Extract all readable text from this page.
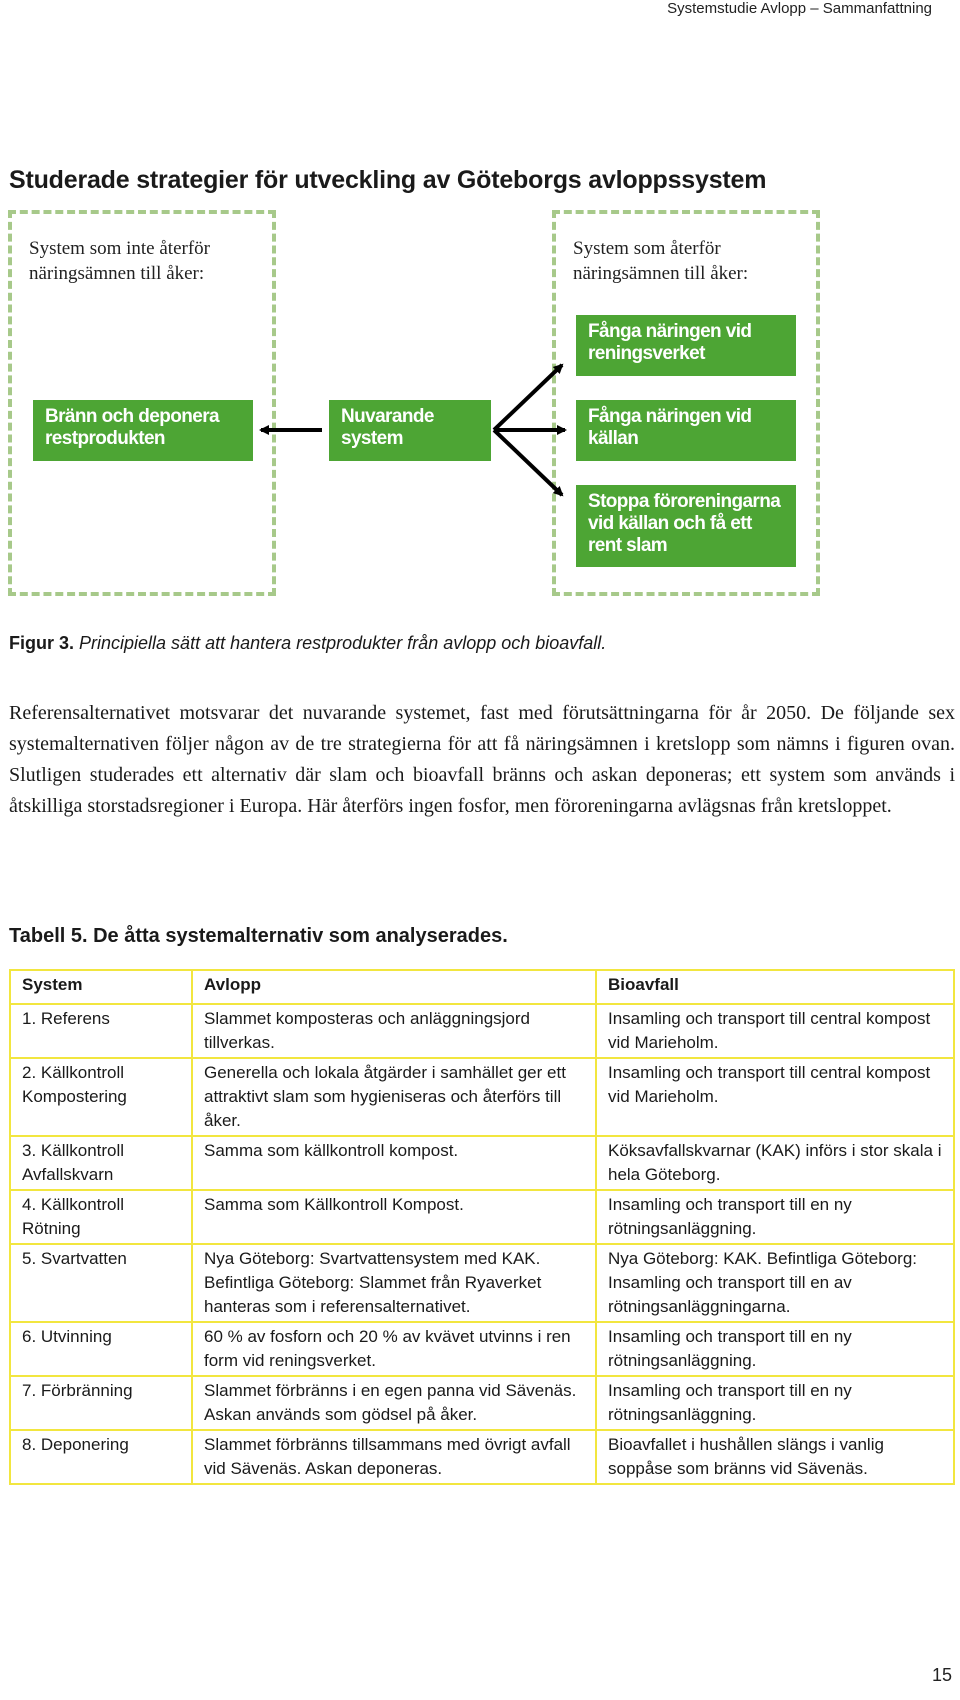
Systemstudie Avlopp – Sammanfattning
Studerade strategier för utveckling av Göteborgs avloppssystem
System som inte återför näringsämnen till åker:
System som återför näringsämnen till åker:
Bränn och deponera restprodukten
Nuvarande system
Fånga näringen vid reningsverket
Fånga näringen vid källan
Stoppa föroreningarna vid källan och få ett rent slam
Figur 3. Principiella sätt att hantera restprodukter från avlopp och bioavfall.

Referensalternativet motsvarar det nuvarande systemet, fast med förutsättningarna för år 2050. De följande sex systemalternativen följer någon av de tre strategierna för att få näringsämnen i kretslopp som nämns i figuren ovan. Slutligen studerades ett alternativ där slam och bioavfall bränns och askan deponeras; ett system som används i åtskilliga storstadsregioner i Europa. Här återförs ingen fosfor, men föroreningarna avlägsnas från kretsloppet.

Tabell 5. De åtta systemalternativ som analyserades.
System	Avlopp	Bioavfall
1. Referens	Slammet komposteras och anläggningsjord tillverkas.	Insamling och transport till central kompost vid Marieholm.
2. Källkontroll Kompostering	Generella och lokala åtgärder i samhället ger ett attraktivt slam som hygieniseras och återförs till åker.	Insamling och transport till central kompost vid Marieholm.
3. Källkontroll Avfallskvarn	Samma som källkontroll kompost.	Köksavfallskvarnar (KAK) införs i stor skala i hela Göteborg.
4. Källkontroll Rötning	Samma som Källkontroll Kompost.	Insamling och transport till en ny rötningsanläggning.
5. Svartvatten	Nya Göteborg: Svartvattensystem med KAK. Befintliga Göteborg: Slammet från Ryaverket hanteras som i referensalternativet.	Nya Göteborg: KAK. Befintliga Göteborg: Insamling och transport till en av rötningsanläggningarna.
6. Utvinning	60 % av fosforn och 20 % av kvävet utvinns i ren form vid reningsverket.	Insamling och transport till en ny rötningsanläggning.
7. Förbränning	Slammet förbränns i en egen panna vid Sävenäs. Askan används som gödsel på åker.	Insamling och transport till en ny rötningsanläggning.
8. Deponering	Slammet förbränns tillsammans med övrigt avfall vid Sävenäs. Askan deponeras.	Bioavfallet i hushållen slängs i vanlig soppåse som bränns vid Sävenäs.
15
